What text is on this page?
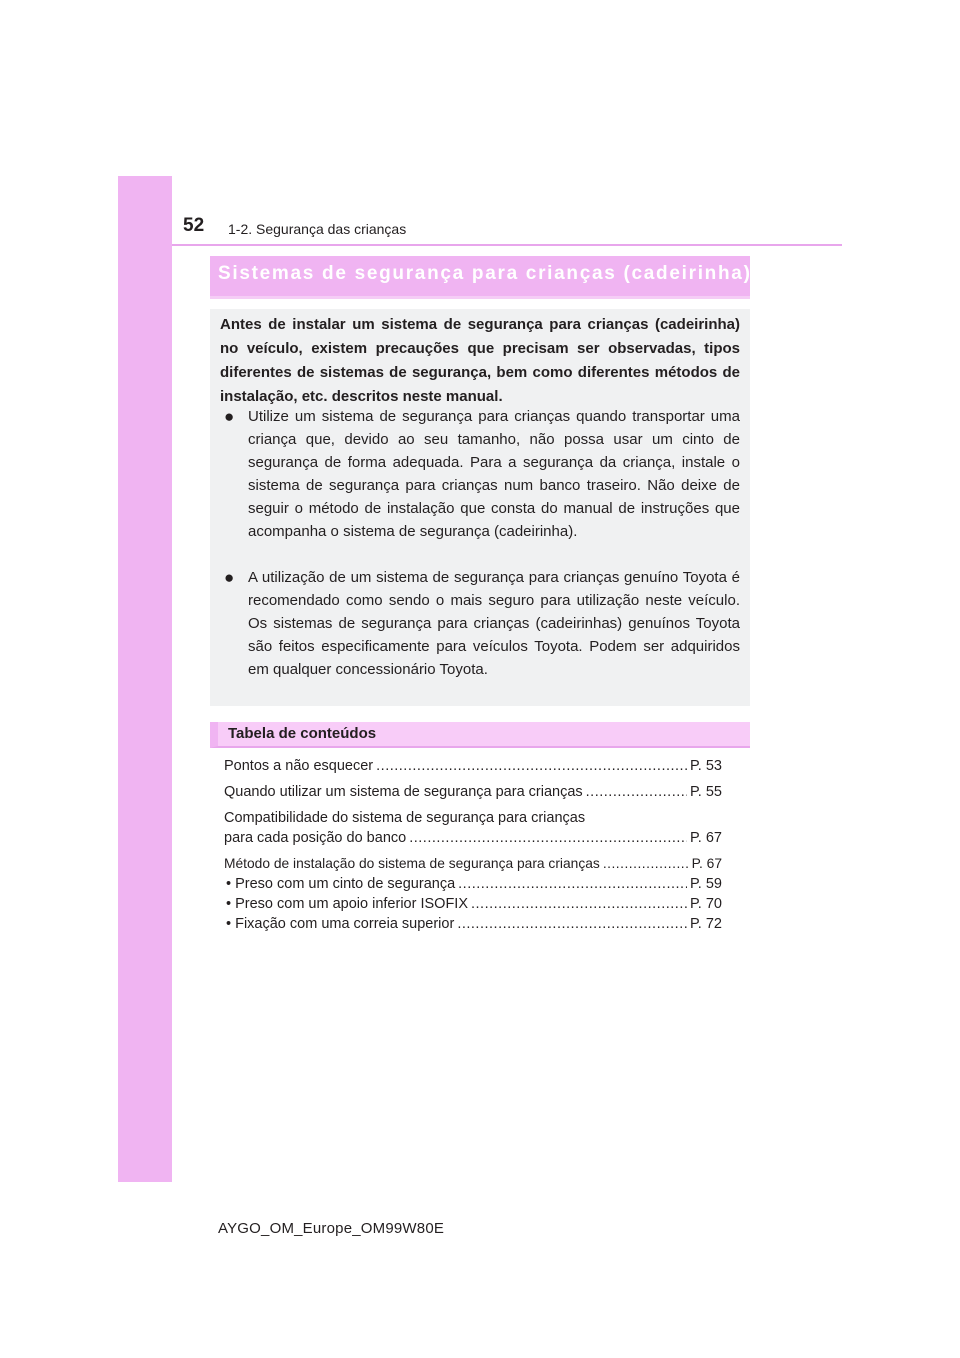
52 1-2. Segurança das crianças
Sistemas de segurança para crianças (cadeirinha)

Antes de instalar um sistema de segurança para crianças (cadeirinha) no veículo, existem precauções que precisam ser observadas, tipos diferentes de sistemas de segurança, bem como diferentes métodos de instalação, etc. descritos neste manual.

● Utilize um sistema de segurança para crianças quando transportar uma criança que, devido ao seu tamanho, não possa usar um cinto de segurança de forma adequada. Para a segurança da criança, instale o sistema de segurança para crianças num banco traseiro. Não deixe de seguir o método de instalação que consta do manual de instruções que acompanha o sistema de segurança (cadeirinha).
● A utilização de um sistema de segurança para crianças genuíno Toyota é recomendado como sendo o mais seguro para utilização neste veículo. Os sistemas de segurança para crianças (cadeirinhas) genuínos Toyota são feitos especificamente para veículos Toyota. Podem ser adquiridos em qualquer concessionário Toyota.
Tabela de conteúdos
Pontos a não esquecer .....	P. 53
Quando utilizar um sistema de segurança para crianças .....	P. 55
Compatibilidade do sistema de segurança para crianças
para cada posição do banco .....	P. 67
Método de instalação do sistema de segurança para crianças .....	P. 67
• Preso com um cinto de segurança .....	P. 59
• Preso com um apoio inferior ISOFIX .....	P. 70
• Fixação com uma correia superior .....	P. 72
AYGO_OM_Europe_OM99W80E
